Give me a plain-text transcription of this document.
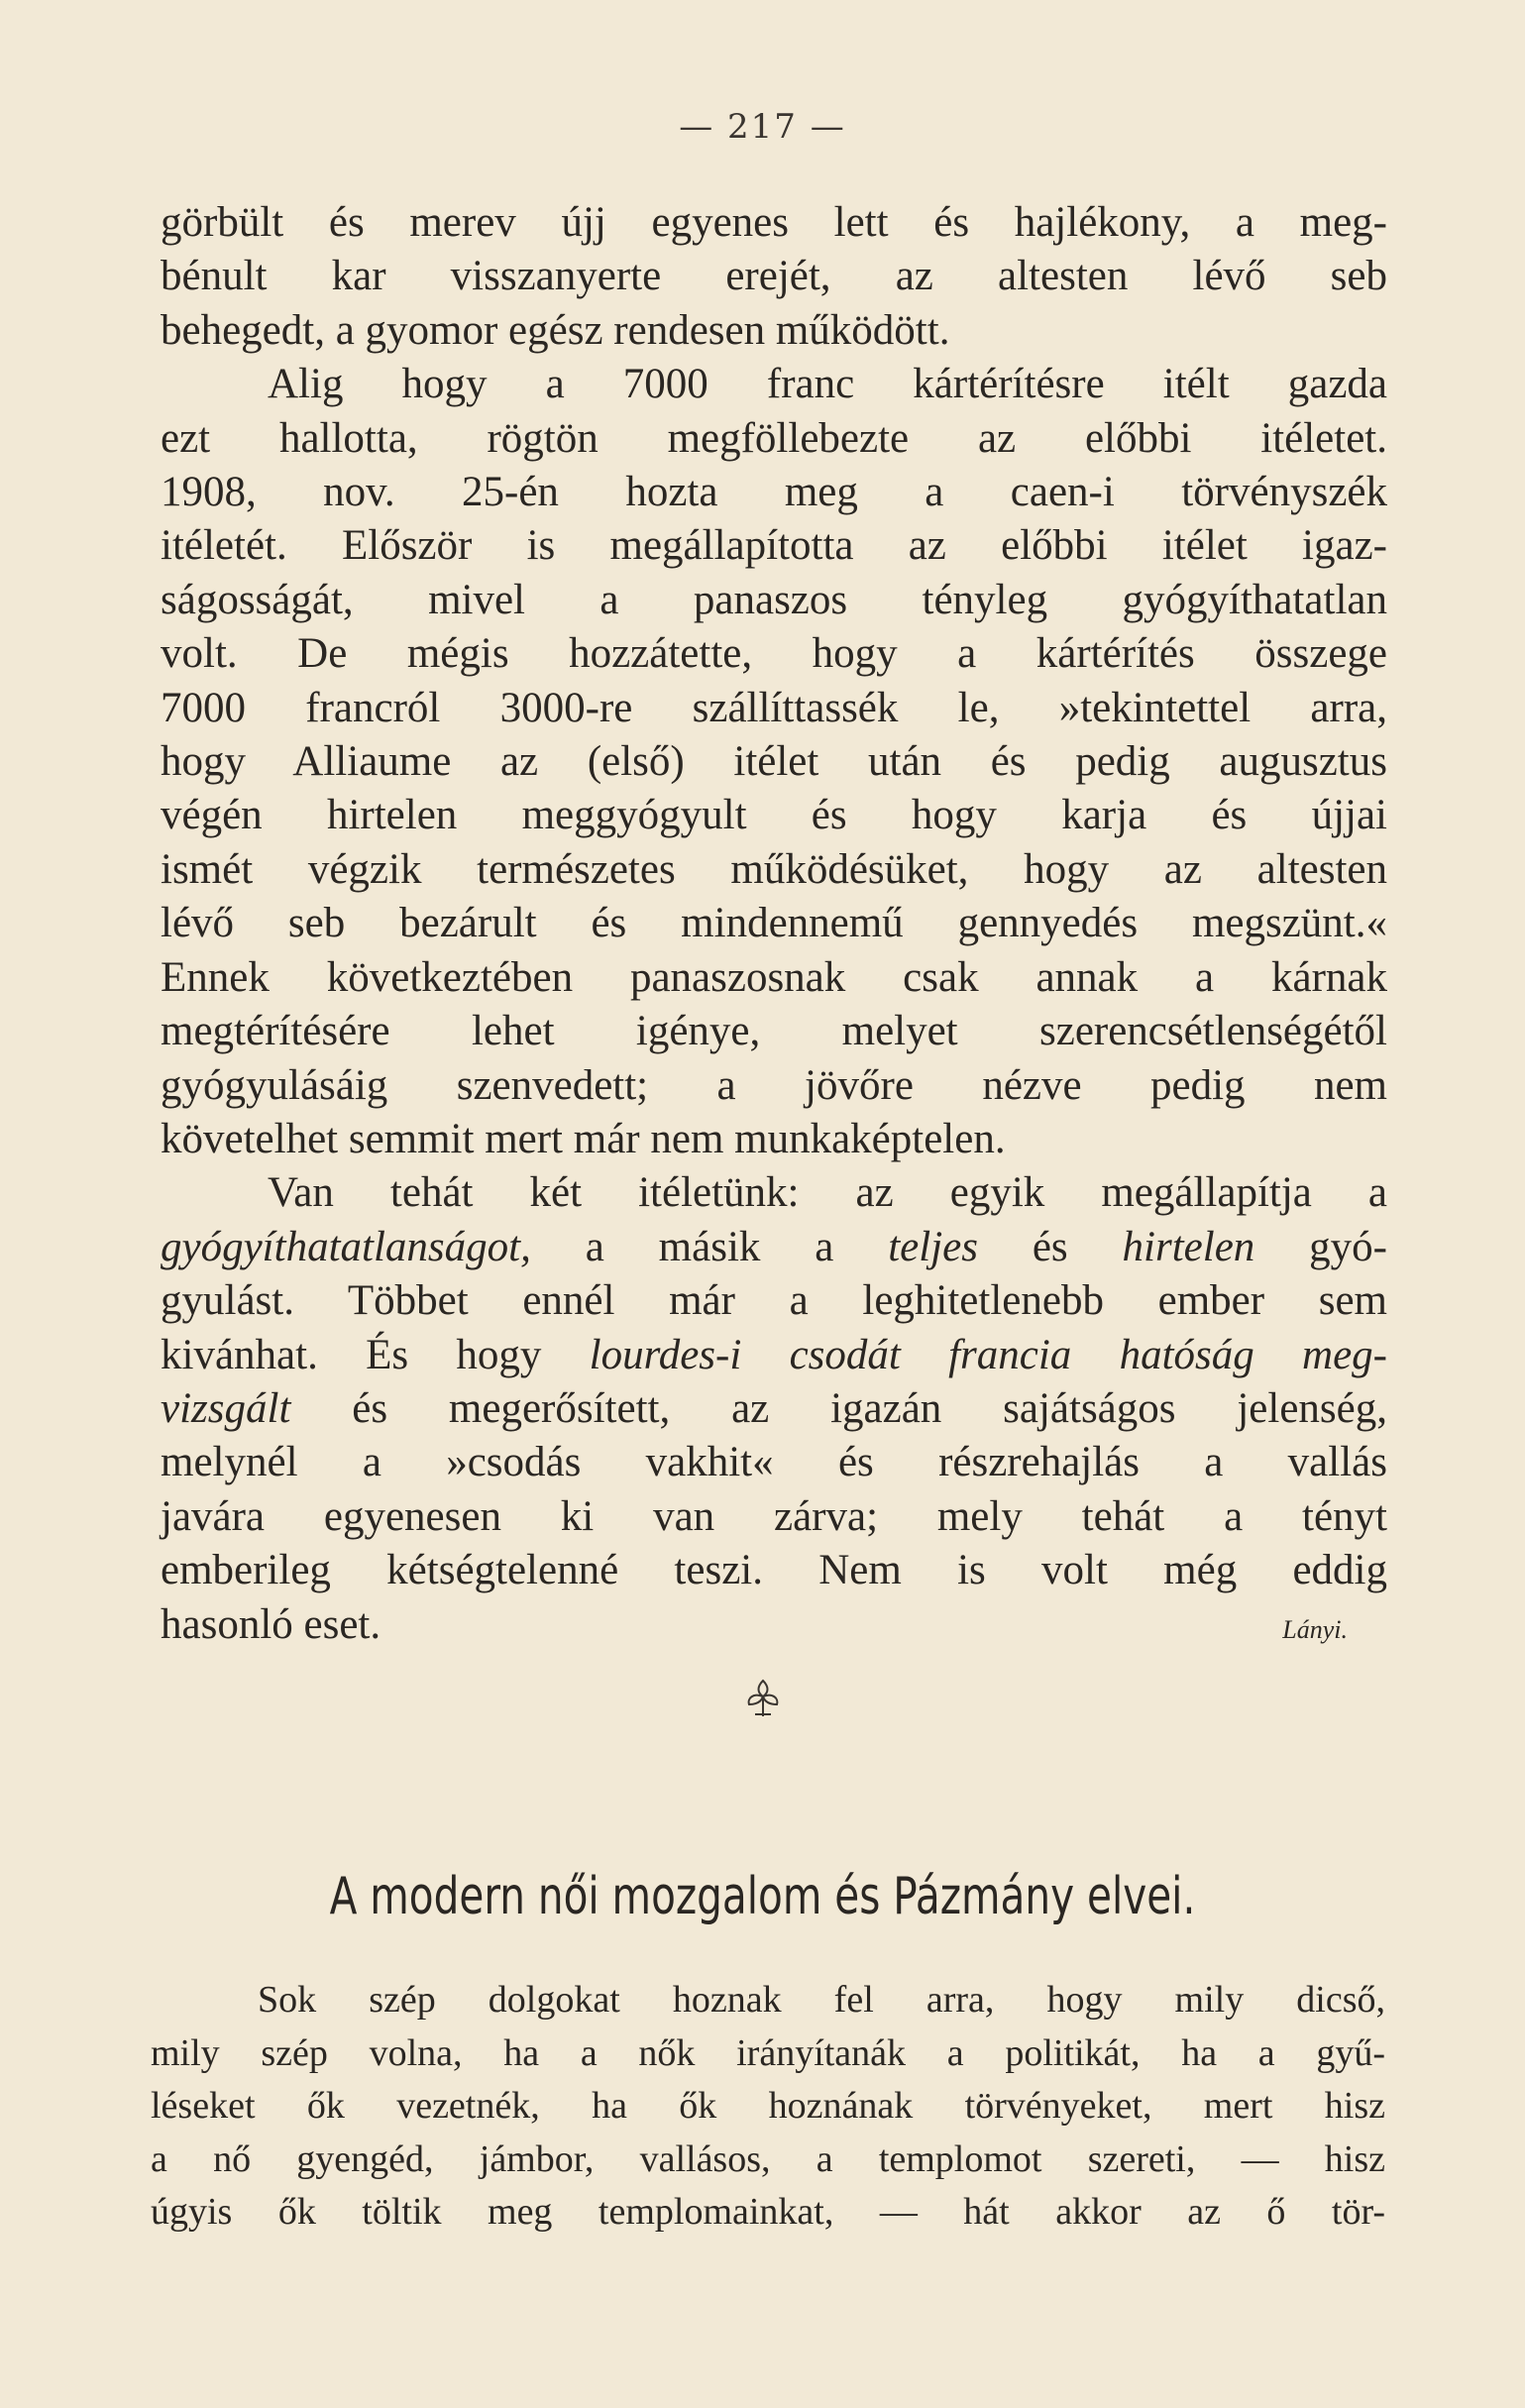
— 217 —
görbült és merev újj egyenes lett és hajlékony, a meg-
bénult kar visszanyerte erejét, az altesten lévő seb
behegedt, a gyomor egész rendesen működött.
Alig hogy a 7000 franc kártérítésre itélt gazda
ezt hallotta, rögtön megföllebezte az előbbi itéletet.
1908, nov. 25-én hozta meg a caen-i törvényszék
itéletét. Először is megállapította az előbbi itélet igaz-
ságosságát, mivel a panaszos tényleg gyógyíthatatlan
volt. De mégis hozzátette, hogy a kártérítés összege
7000 francról 3000-re szállíttassék le, »tekintettel arra,
hogy Alliaume az (első) itélet után és pedig augusztus
végén hirtelen meggyógyult és hogy karja és újjai
ismét végzik természetes működésüket, hogy az altesten
lévő seb bezárult és mindennemű gennyedés megszünt.«
Ennek következtében panaszosnak csak annak a kárnak
megtérítésére lehet igénye, melyet szerencsétlenségétől
gyógyulásáig szenvedett; a jövőre nézve pedig nem
követelhet semmit mert már nem munkaképtelen.
Van tehát két itéletünk: az egyik megállapítja a
gyógyíthatatlanságot, a másik a teljes és hirtelen gyó-
gyulást. Többet ennél már a leghitetlenebb ember sem
kivánhat. És hogy lourdes-i csodát francia hatóság meg-
vizsgált és megerősített, az igazán sajátságos jelenség,
melynél a »csodás vakhit« és részrehajlás a vallás
javára egyenesen ki van zárva; mely tehát a tényt
emberileg kétségtelenné teszi. Nem is volt még eddig
hasonló eset.	Lányi.
A modern női mozgalom és Pázmány elvei.
Sok szép dolgokat hoznak fel arra, hogy mily dicső,
mily szép volna, ha a nők irányítanák a politikát, ha a gyű-
léseket ők vezetnék, ha ők hoznának törvényeket, mert hisz
a nő gyengéd, jámbor, vallásos, a templomot szereti, — hisz
úgyis ők töltik meg templomainkat, — hát akkor az ő tör-
